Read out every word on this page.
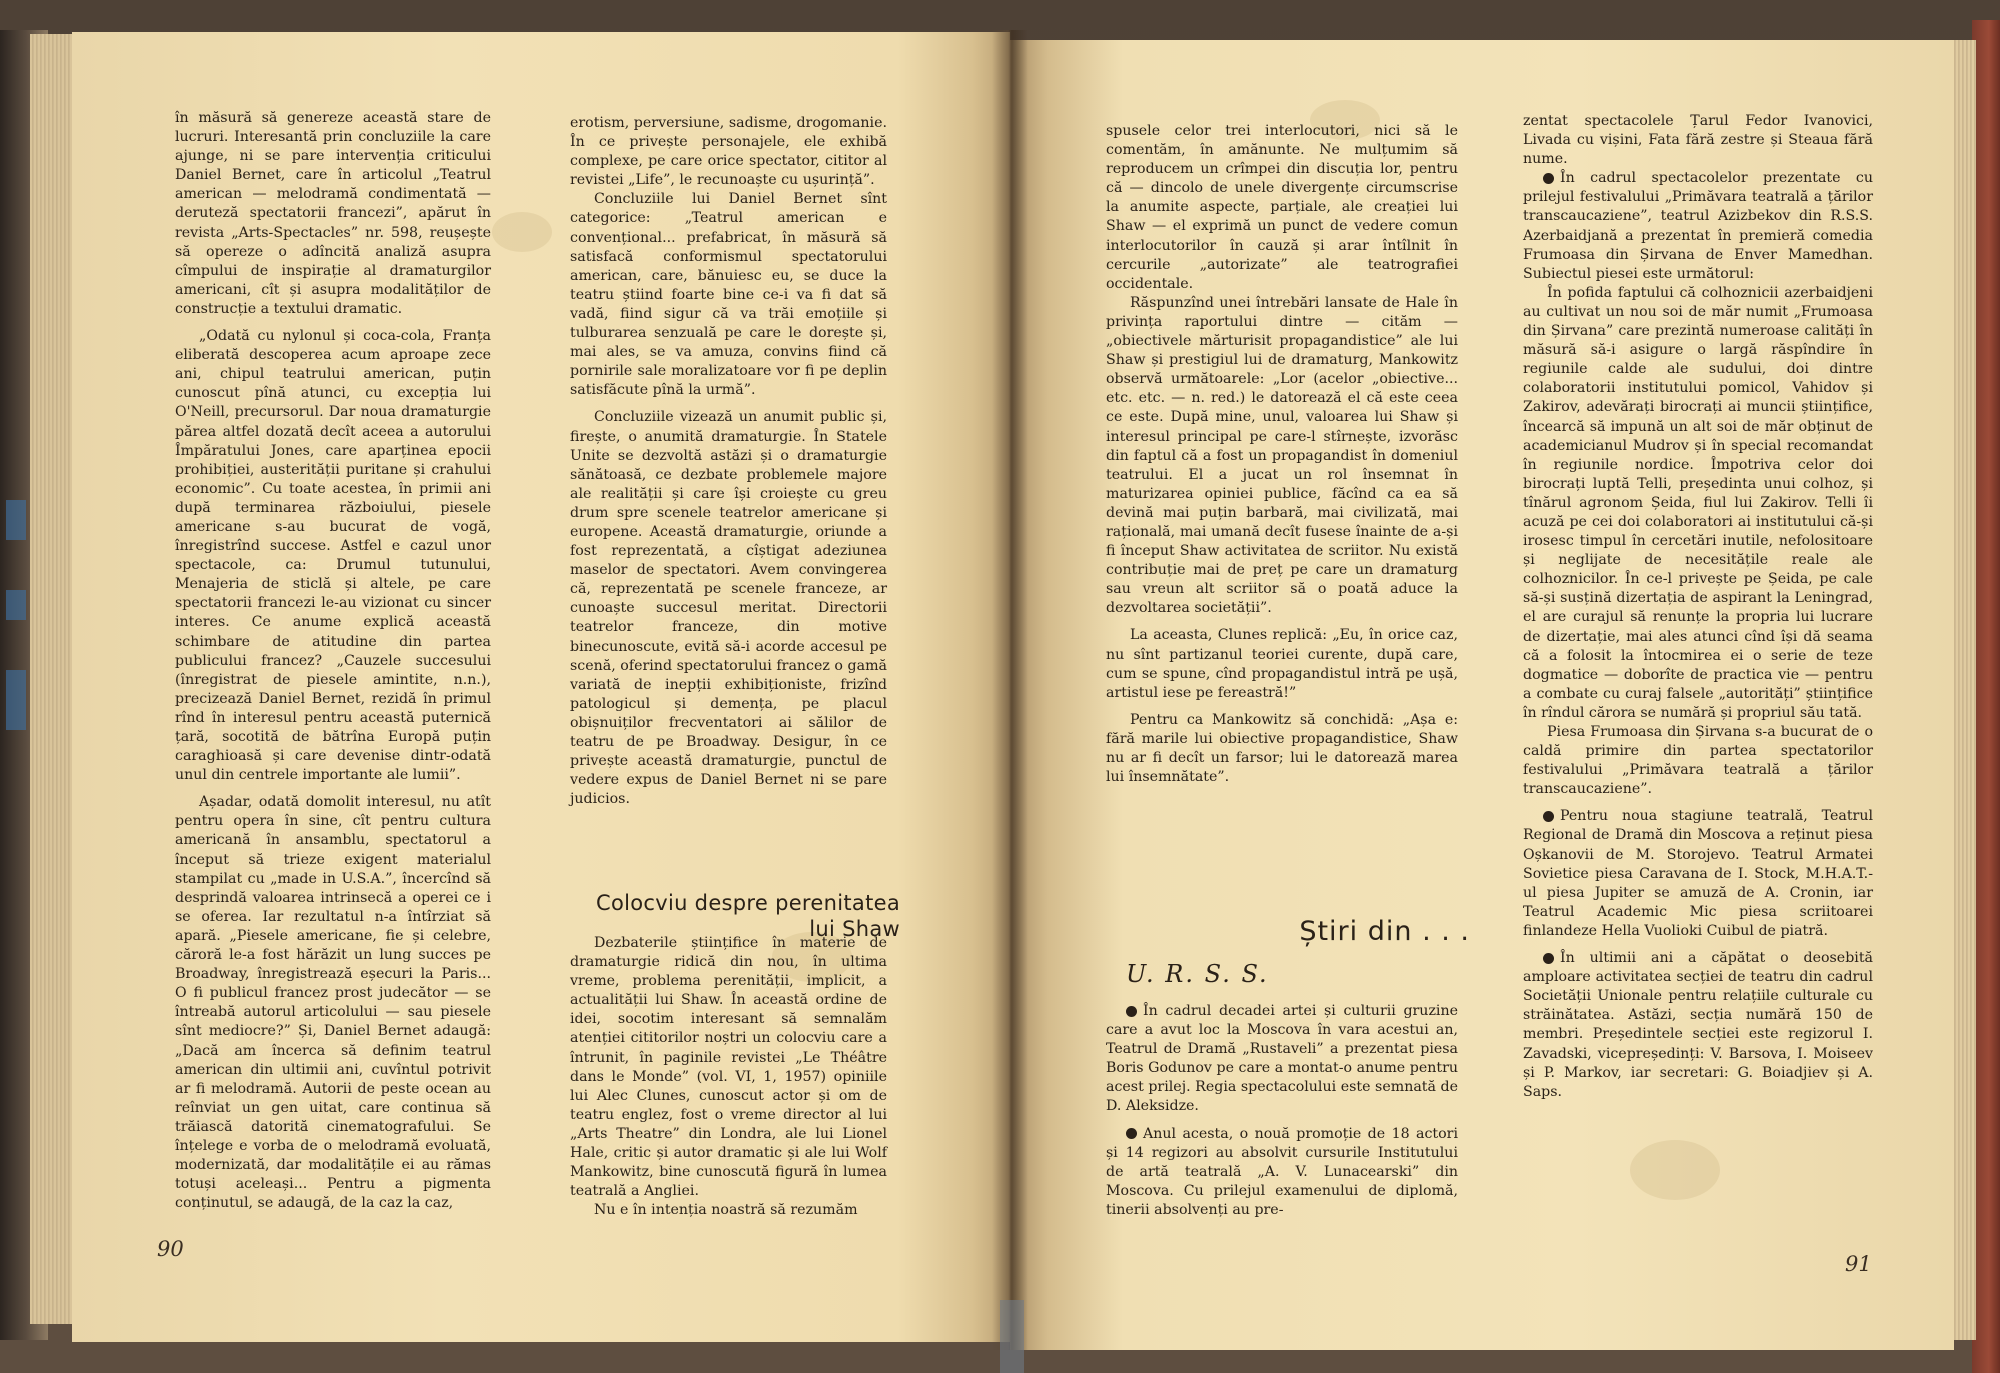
în măsură să genereze această stare de lucruri. Interesantă prin concluziile la care ajunge, ni se pare intervenția criticului Daniel Bernet, care în articolul „Teatrul american — melodramă condimentată — deruteză spectatorii francezi”, apărut în revista „Arts-Spectacles” nr. 598, reușește să opereze o adîncită analiză asupra cîmpului de inspirație al dramaturgilor americani, cît și asupra modalităților de construcție a textului dramatic.

„Odată cu nylonul și coca-cola, Franța eliberată descoperea acum aproape zece ani, chipul teatrului american, puțin cunoscut pînă atunci, cu excepția lui O'Neill, precursorul. Dar noua dramaturgie părea altfel dozată decît aceea a autorului Împăratului Jones, care aparținea epocii prohibiției, austerității puritane și crahului economic”. Cu toate acestea, în primii ani după terminarea războiului, piesele americane s-au bucurat de vogă, înregistrînd succese. Astfel e cazul unor spectacole, ca: Drumul tutunului, Menajeria de sticlă și altele, pe care spectatorii francezi le-au vizionat cu sincer interes. Ce anume explică această schimbare de atitudine din partea publicului francez? „Cauzele succesului (înregistrat de piesele amintite, n.n.), precizează Daniel Bernet, rezidă în primul rînd în interesul pentru această puternică țară, socotită de bătrîna Europă puțin caraghioasă și care devenise dintr-odată unul din centrele importante ale lumii”.

Așadar, odată domolit interesul, nu atît pentru opera în sine, cît pentru cultura americană în ansamblu, spectatorul a început să trieze exigent materialul stampilat cu „made in U.S.A.”, încercînd să desprindă valoarea intrinsecă a operei ce i se oferea. Iar rezultatul n-a întîrziat să apară. „Piesele americane, fie și celebre, căroră le-a fost hărăzit un lung succes pe Broadway, înregistrează eșecuri la Paris... O fi publicul francez prost judecător — se întreabă autorul articolului — sau piesele sînt mediocre?” Și, Daniel Bernet adaugă: „Dacă am încerca să definim teatrul american din ultimii ani, cuvîntul potrivit ar fi melodramă. Autorii de peste ocean au reînviat un gen uitat, care continua să trăiască datorită cinematografului. Se înțelege e vorba de o melodramă evoluată, modernizată, dar modalitățile ei au rămas totuși aceleași... Pentru a pigmenta conținutul, se adaugă, de la caz la caz,

erotism, perversiune, sadisme, drogomanie. În ce privește personajele, ele exhibă complexe, pe care orice spectator, cititor al revistei „Life”, le recunoaște cu ușurință”.

Concluziile lui Daniel Bernet sînt categorice: „Teatrul american e convențional... prefabricat, în măsură să satisfacă conformismul spectatorului american, care, bănuiesc eu, se duce la teatru știind foarte bine ce-i va fi dat să vadă, fiind sigur că va trăi emoțiile și tulburarea senzuală pe care le dorește și, mai ales, se va amuza, convins fiind că pornirile sale moralizatoare vor fi pe deplin satisfăcute pînă la urmă”.

Concluziile vizează un anumit public și, firește, o anumită dramaturgie. În Statele Unite se dezvoltă astăzi și o dramaturgie sănătoasă, ce dezbate problemele majore ale realității și care își croiește cu greu drum spre scenele teatrelor americane și europene. Această dramaturgie, oriunde a fost reprezentată, a cîștigat adeziunea maselor de spectatori. Avem convingerea că, reprezentată pe scenele franceze, ar cunoaște succesul meritat. Directorii teatrelor franceze, din motive binecunoscute, evită să-i acorde accesul pe scenă, oferind spectatorului francez o gamă variată de inepții exhibiționiste, frizînd patologicul și demența, pe placul obișnuiților frecventatori ai sălilor de teatru de pe Broadway. Desigur, în ce privește această dramaturgie, punctul de vedere expus de Daniel Bernet ni se pare judicios.

Colocviu despre perenitatea
lui Shaw

Dezbaterile științifice în materie de dramaturgie ridică din nou, în ultima vreme, problema perenității, implicit, a actualității lui Shaw. În această ordine de idei, socotim interesant să semnalăm atenției cititorilor noștri un colocviu care a întrunit, în paginile revistei „Le Théâtre dans le Monde” (vol. VI, 1, 1957) opiniile lui Alec Clunes, cunoscut actor și om de teatru englez, fost o vreme director al lui „Arts Theatre” din Londra, ale lui Lionel Hale, critic și autor dramatic și ale lui Wolf Mankowitz, bine cunoscută figură în lumea teatrală a Angliei.

Nu e în intenția noastră să rezumăm

90

spusele celor trei interlocutori, nici să le comentăm, în amănunte. Ne mulțumim să reproducem un crîmpei din discuția lor, pentru că — dincolo de unele divergențe circumscrise la anumite aspecte, parțiale, ale creației lui Shaw — el exprimă un punct de vedere comun interlocutorilor în cauză și arar întîlnit în cercurile „autorizate” ale teatrografiei occidentale.

Răspunzînd unei întrebări lansate de Hale în privința raportului dintre — cităm — „obiectivele mărturisit propagandistice” ale lui Shaw și prestigiul lui de dramaturg, Mankowitz observă următoarele: „Lor (acelor „obiective... etc. etc. — n. red.) le datorează el că este ceea ce este. După mine, unul, valoarea lui Shaw și interesul principal pe care-l stîrnește, izvorăsc din faptul că a fost un propagandist în domeniul teatrului. El a jucat un rol însemnat în maturizarea opiniei publice, făcînd ca ea să devină mai puțin barbară, mai civilizată, mai rațională, mai umană decît fusese înainte de a-și fi început Shaw activitatea de scriitor. Nu există contribuție mai de preț pe care un dramaturg sau vreun alt scriitor să o poată aduce la dezvoltarea societății”.

La aceasta, Clunes replică: „Eu, în orice caz, nu sînt partizanul teoriei curente, după care, cum se spune, cînd propagandistul intră pe ușă, artistul iese pe fereastră!”

Pentru ca Mankowitz să conchidă: „Așa e: fără marile lui obiective propagandistice, Shaw nu ar fi decît un farsor; lui le datorează marea lui însemnătate”.

Știri din . . .
U. R. S. S.

În cadrul decadei artei și culturii gruzine care a avut loc la Moscova în vara acestui an, Teatrul de Dramă „Rustaveli” a prezentat piesa Boris Godunov pe care a montat-o anume pentru acest prilej. Regia spectacolului este semnată de D. Aleksidze.

Anul acesta, o nouă promoție de 18 actori și 14 regizori au absolvit cursurile Institutului de artă teatrală „A. V. Lunacearski” din Moscova. Cu prilejul examenului de diplomă, tinerii absolvenți au pre-

zentat spectacolele Țarul Fedor Ivanovici, Livada cu vișini, Fata fără zestre și Steaua fără nume.

În cadrul spectacolelor prezentate cu prilejul festivalului „Primăvara teatrală a țărilor transcaucaziene”, teatrul Azizbekov din R.S.S. Azerbaidjană a prezentat în premieră comedia Frumoasa din Șirvana de Enver Mamedhan. Subiectul piesei este următorul:

În pofida faptului că colhoznicii azerbaidjeni au cultivat un nou soi de măr numit „Frumoasa din Șirvana” care prezintă numeroase calități în măsură să-i asigure o largă răspîndire în regiunile calde ale sudului, doi dintre colaboratorii institutului pomicol, Vahidov și Zakirov, adevărați birocrați ai muncii științifice, încearcă să impună un alt soi de măr obținut de academicianul Mudrov și în special recomandat în regiunile nordice. Împotriva celor doi birocrați luptă Telli, președinta unui colhoz, și tînărul agronom Șeida, fiul lui Zakirov. Telli îi acuză pe cei doi colaboratori ai institutului că-și irosesc timpul în cercetări inutile, nefolositoare și neglijate de necesitățile reale ale colhoznicilor. În ce-l privește pe Șeida, pe cale să-și susțină dizertația de aspirant la Leningrad, el are curajul să renunțe la propria lui lucrare de dizertație, mai ales atunci cînd își dă seama că a folosit la întocmirea ei o serie de teze dogmatice — doborîte de practica vie — pentru a combate cu curaj falsele „autorități” științifice în rîndul cărora se numără și propriul său tată.

Piesa Frumoasa din Șirvana s-a bucurat de o caldă primire din partea spectatorilor festivalului „Primăvara teatrală a țărilor transcaucaziene”.

Pentru noua stagiune teatrală, Teatrul Regional de Dramă din Moscova a reținut piesa Oșkanovii de M. Storojevo. Teatrul Armatei Sovietice piesa Caravana de I. Stock, M.H.A.T.-ul piesa Jupiter se amuză de A. Cronin, iar Teatrul Academic Mic piesa scriitoarei finlandeze Hella Vuolioki Cuibul de piatră.

În ultimii ani a căpătat o deosebită amploare activitatea secției de teatru din cadrul Societății Unionale pentru relațiile culturale cu străinătatea. Astăzi, secția numără 150 de membri. Președintele secției este regizorul I. Zavadski, vicepreședinți: V. Barsova, I. Moiseev și P. Markov, iar secretari: G. Boiadjiev și A. Saps.

91
